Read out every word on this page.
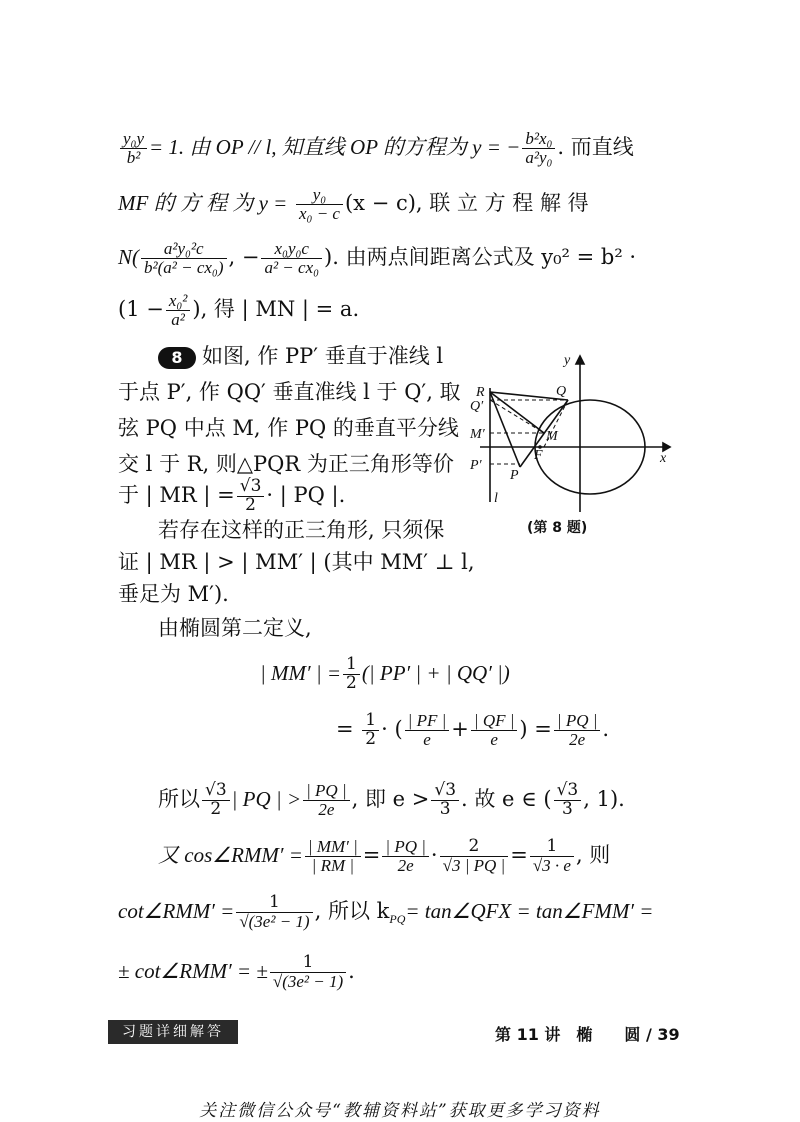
$\frac{\text{y₀y}}{\text{b²}} = 1$. 由 OP // l, 知直线 OP 的方程为 y = − $\frac{\text{b²x₀}}{\text{a²y₀}}$ . 而直线
MF 的 方 程 为 $y = \frac{\text{y₀}}{\text{x₀ − c}} (x - c)$, 联 立 方 程 解 得
$N( \frac{\text{a²y₀²c}}{\text{b²(a² − cx₀)}}$ , − $\frac{\text{x₀y₀c}}{\text{a² − cx₀}}$ ). 由两点间距离公式及 y₀² = b² ·
($1 - \frac{\text{x₀²}}{\text{a²}}$ ), 得 | MN | = a.
8 如图, 作 PP′ 垂直于准线 l
于点 P′, 作 QQ′ 垂直准线 l 于 Q′, 取
弦 PQ 中点 M, 作 PQ 的垂直平分线
交 l 于 R, 则△PQR 为正三角形等价
于 | MR | = $\frac{√3}{2}$ · | PQ |.
y
x
R	Q
Q′
M′	M
F
P′
P
l
(第 8 题)
若存在这样的正三角形, 只须保
证 | MR | > | MM′ | (其中 MM′ ⊥ l,
垂足为 M′).
由椭圆第二定义,
| MM′ | = $\frac{1}{2}$ (| PP′ | + | QQ′ |)
= $\frac{1}{2}$ · ( $\frac{| PF |}{e} + \frac{| QF |}{e}$ ) = $\frac{| PQ |}{2e}$ .
所以 $\frac{√3}{2}$ | PQ | > $\frac{| PQ |}{2e}$ , 即 $e > \frac{√3}{3}$ . 故 e ∈ ( $\frac{√3}{3}$ , 1).
又 cos∠RMM′ = $\frac{| MM' |}{| RM |} = \frac{| PQ |}{2e} \cdot \frac{2}{√3 | PQ |} = \frac{1}{√3 \cdot e}$ , 则
cot∠RMM′ = $\frac{1}{\text{√(3e² − 1)}}$ , 所以 $k_{PQ}=$ tan∠QFX = tan∠FMM′ =
± cot∠RMM′ = ± $\frac{1}{\text{√(3e² − 1)}}$ .
习题详细解答	第 11 讲　椭　　圆 / 39
关注微信公众号“教辅资料站”获取更多学习资料
